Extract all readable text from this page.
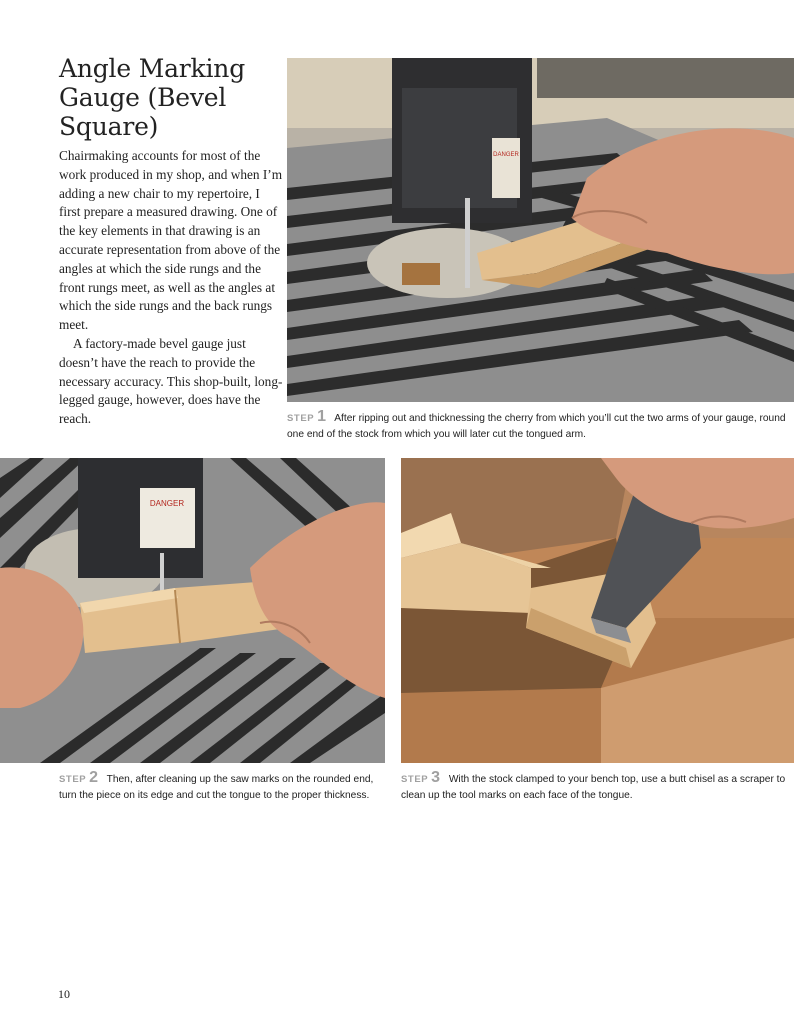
Angle Marking Gauge (Bevel Square)

Chairmaking accounts for most of the work produced in my shop, and when I’m adding a new chair to my repertoire, I first prepare a measured drawing. One of the key elements in that drawing is an accurate representation from above of the angles at which the side rungs and the front rungs meet, as well as the angles at which the side rungs and the back rungs meet.

A factory-made bevel gauge just doesn’t have the reach to provide the necessary accuracy. This shop-built, long-legged gauge, however, does have the reach.

DANGER
STEP 1 After ripping out and thicknessing the cherry from which you’ll cut the two arms of your gauge, round one end of the stock from which you will later cut the tongued arm.
DANGER
STEP 2 Then, after cleaning up the saw marks on the rounded end, turn the piece on its edge and cut the tongue to the proper thickness.
STEP 3 With the stock clamped to your bench top, use a butt chisel as a scraper to clean up the tool marks on each face of the tongue.
10
